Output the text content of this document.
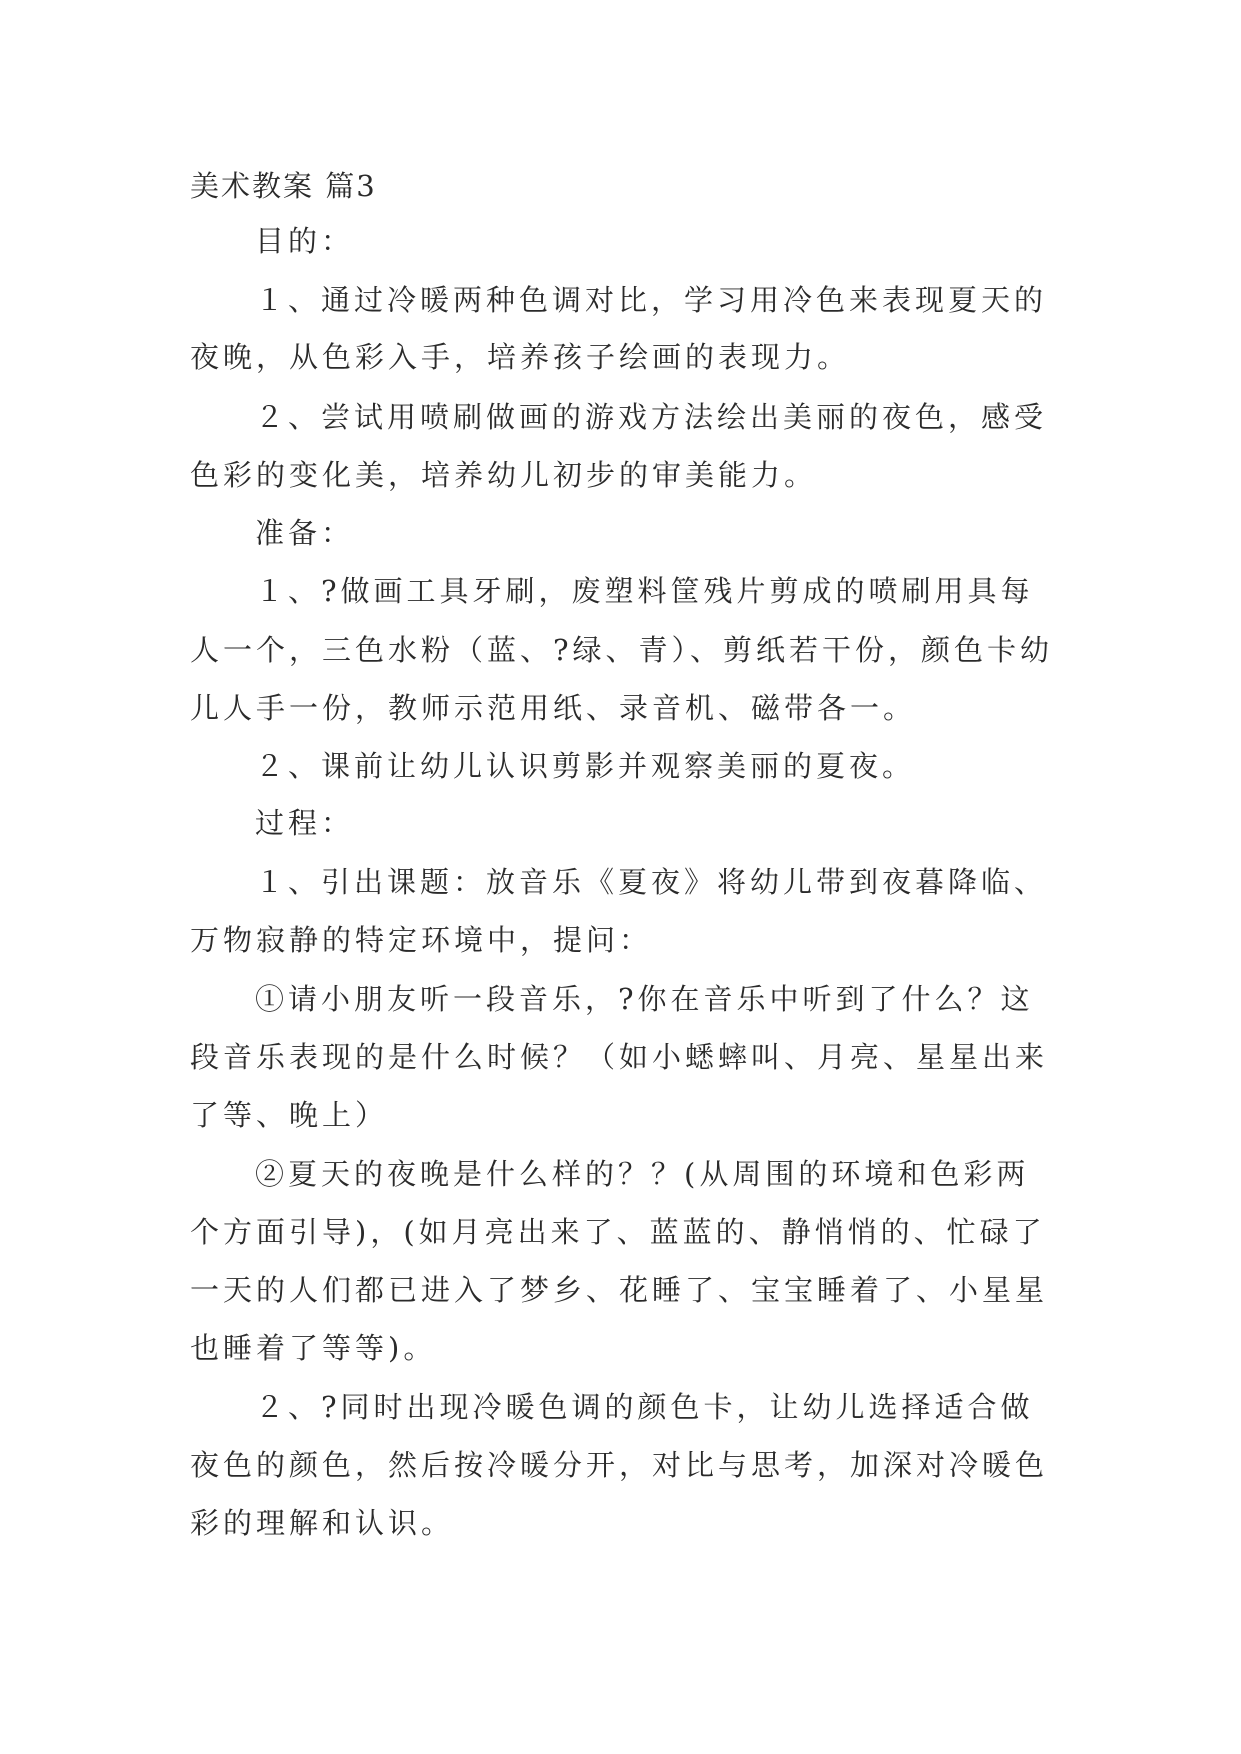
美术教案 篇3
目的：
１、通过冷暖两种色调对比，学习用冷色来表现夏天的
夜晚，从色彩入手，培养孩子绘画的表现力。
２、尝试用喷刷做画的游戏方法绘出美丽的夜色，感受
色彩的变化美，培养幼儿初步的审美能力。
准备：
１、?做画工具牙刷，废塑料筐残片剪成的喷刷用具每
人一个，三色水粉（蓝、?绿、青）、剪纸若干份，颜色卡幼
儿人手一份，教师示范用纸、录音机、磁带各一。
２、课前让幼儿认识剪影并观察美丽的夏夜。
过程：
１、引出课题：放音乐《夏夜》将幼儿带到夜暮降临、
万物寂静的特定环境中，提问：
①请小朋友听一段音乐，?你在音乐中听到了什么？这
段音乐表现的是什么时候？（如小蟋蟀叫、月亮、星星出来
了等、晚上）
②夏天的夜晚是什么样的？？(从周围的环境和色彩两
个方面引导)，(如月亮出来了、蓝蓝的、静悄悄的、忙碌了
一天的人们都已进入了梦乡、花睡了、宝宝睡着了、小星星
也睡着了等等)。
２、?同时出现冷暖色调的颜色卡，让幼儿选择适合做
夜色的颜色，然后按冷暖分开，对比与思考，加深对冷暖色
彩的理解和认识。
